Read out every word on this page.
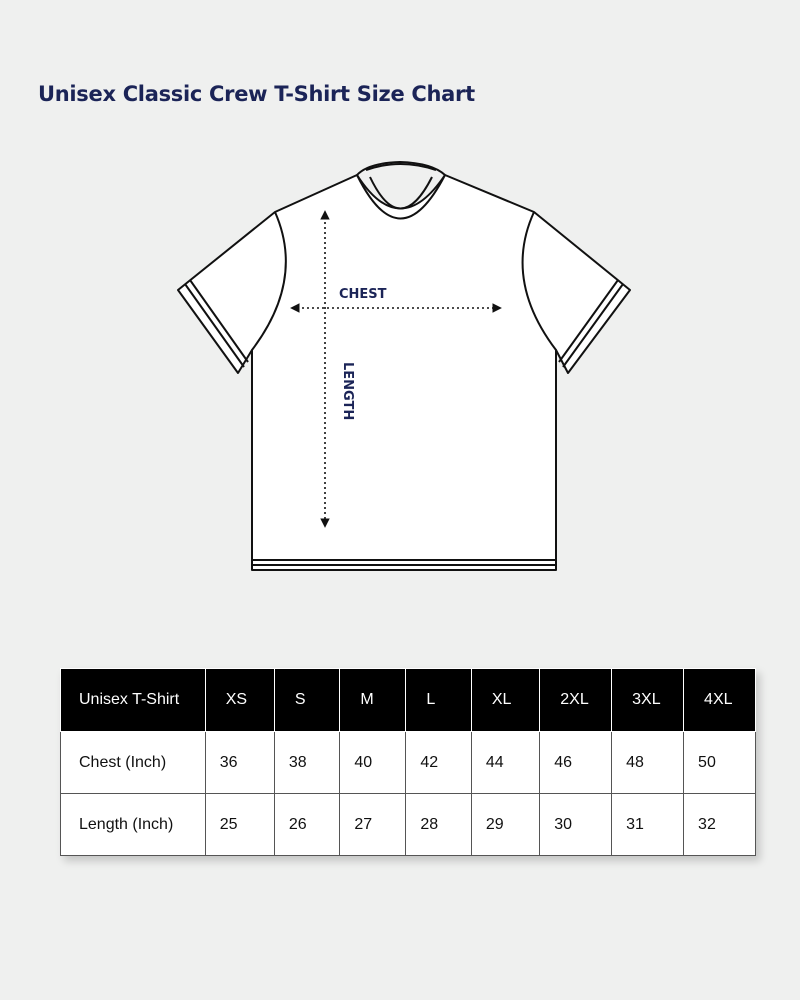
Unisex Classic Crew T-Shirt Size Chart
CHEST
LENGTH
Unisex T-Shirt	XS	S	M	L	XL	2XL	3XL	4XL
Chest (Inch)	36	38	40	42	44	46	48	50
Length (Inch)	25	26	27	28	29	30	31	32
